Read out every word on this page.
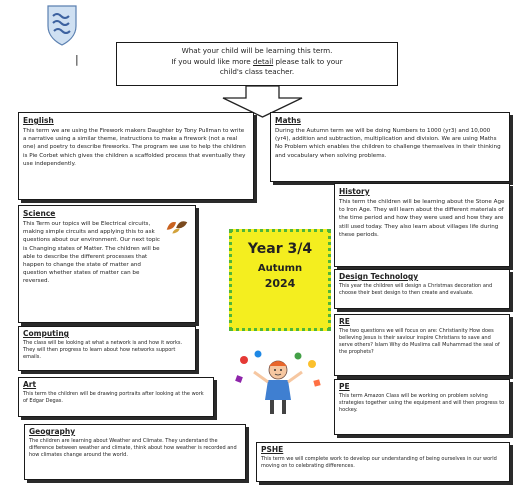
What your child will be learning this term.
If you would like more detail please talk to your
child's class teacher.
|
English
This term we are using the Firework makers Daughter by Tony Pullman to write a narrative using a similar theme, instructions to make a firework (not a real one) and poetry to describe fireworks. The program we use to help the children is Pie Corbet which gives the children a scaffolded process that eventually they use independently.
Maths
During the Autumn term we will be doing Numbers to 1000 (yr3) and 10,000 (yr4), addition and subtraction, multiplication and division. We are using Maths No Problem which enables the children to challenge themselves in their thinking and vocabulary when solving problems.
Science
This Term our topics will be Electrical circuits, making simple circuits and applying this to ask questions about our environment. Our next topic is Changing states of Matter. The children will be able to describe the different processes that happen to change the state of matter and question whether states of matter can be reversed.
History
This term the children will be learning about the Stone Age to Iron Age. They will learn about the different materials of the time period and how they were used and how they are still used today. They also learn about villages life during these periods.
Design Technology
This year the children will design a Christmas decoration and choose their best design to then create and evaluate.
RE
The two questions we will focus on are: Christianity How does believing Jesus is their saviour inspire Christians to save and serve others? Islam Why do Muslims call Muhammad the seal of the prophets?
Computing
The class will be looking at what a network is and how it works. They will then progress to learn about how networks support emails.
Art
This term the children will be drawing portraits after looking at the work of Edgar Degas.
PE
This term Amazon Class will be working on problem solving strategies together using the equipment and will then progress to hockey.
Geography
The children are learning about Weather and Climate. They understand the difference between weather and climate, think about how weather is recorded and how climates change around the world.
PSHE
This term we will complete work to develop our understanding of being ourselves in our world moving on to celebrating differences.
Year 3/4
Autumn
2024
